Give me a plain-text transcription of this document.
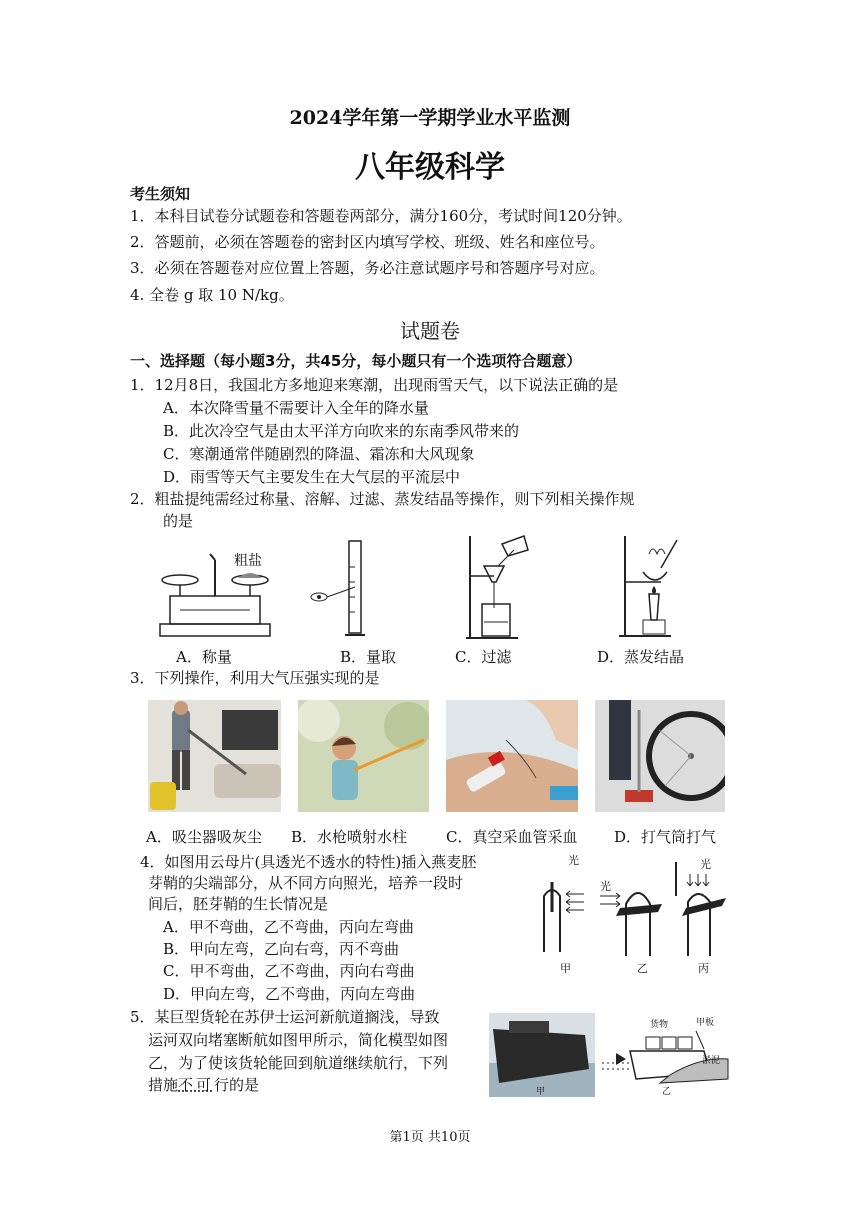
2024学年第一学期学业水平监测
八年级科学
考生须知
1．本科目试卷分试题卷和答题卷两部分，满分160分，考试时间120分钟。
2．答题前，必须在答题卷的密封区内填写学校、班级、姓名和座位号。
3．必须在答题卷对应位置上答题，务必注意试题序号和答题序号对应。
4. 全卷 g 取 10 N/kg。
试题卷
一、选择题（每小题3分，共45分，每小题只有一个选项符合题意）
1．12月8日，我国北方多地迎来寒潮，出现雨雪天气，以下说法正确的是
A．本次降雪量不需要计入全年的降水量
B．此次冷空气是由太平洋方向吹来的东南季风带来的
C．寒潮通常伴随剧烈的降温、霜冻和大风现象
D．雨雪等天气主要发生在大气层的平流层中
2．粗盐提纯需经过称量、溶解、过滤、蒸发结晶等操作，则下列相关操作规
的是
粗盐
A．称量	B．量取	C．过滤	D．蒸发结晶
3．下列操作，利用大气压强实现的是
A．吸尘器吸灰尘 B．水枪喷射水柱	C．真空采血管采血 D．打气筒打气
4．如图用云母片(具透光不透水的特性)插入燕麦胚
芽鞘的尖端部分，从不同方向照光，培养一段时
间后，胚芽鞘的生长情况是
A．甲不弯曲，乙不弯曲，丙向左弯曲
B．甲向左弯，乙向右弯，丙不弯曲
C．甲不弯曲，乙不弯曲，丙向右弯曲
D．甲向左弯，乙不弯曲，丙向左弯曲
光
光
光
甲	乙	丙
5．某巨型货轮在苏伊士运河新航道搁浅，导致
运河双向堵塞断航如图甲所示，简化模型如图
乙，为了使该货轮能回到航道继续航行，下列
措施不可行的是	甲
货物	甲板
淤泥
乙
第1页 共10页
